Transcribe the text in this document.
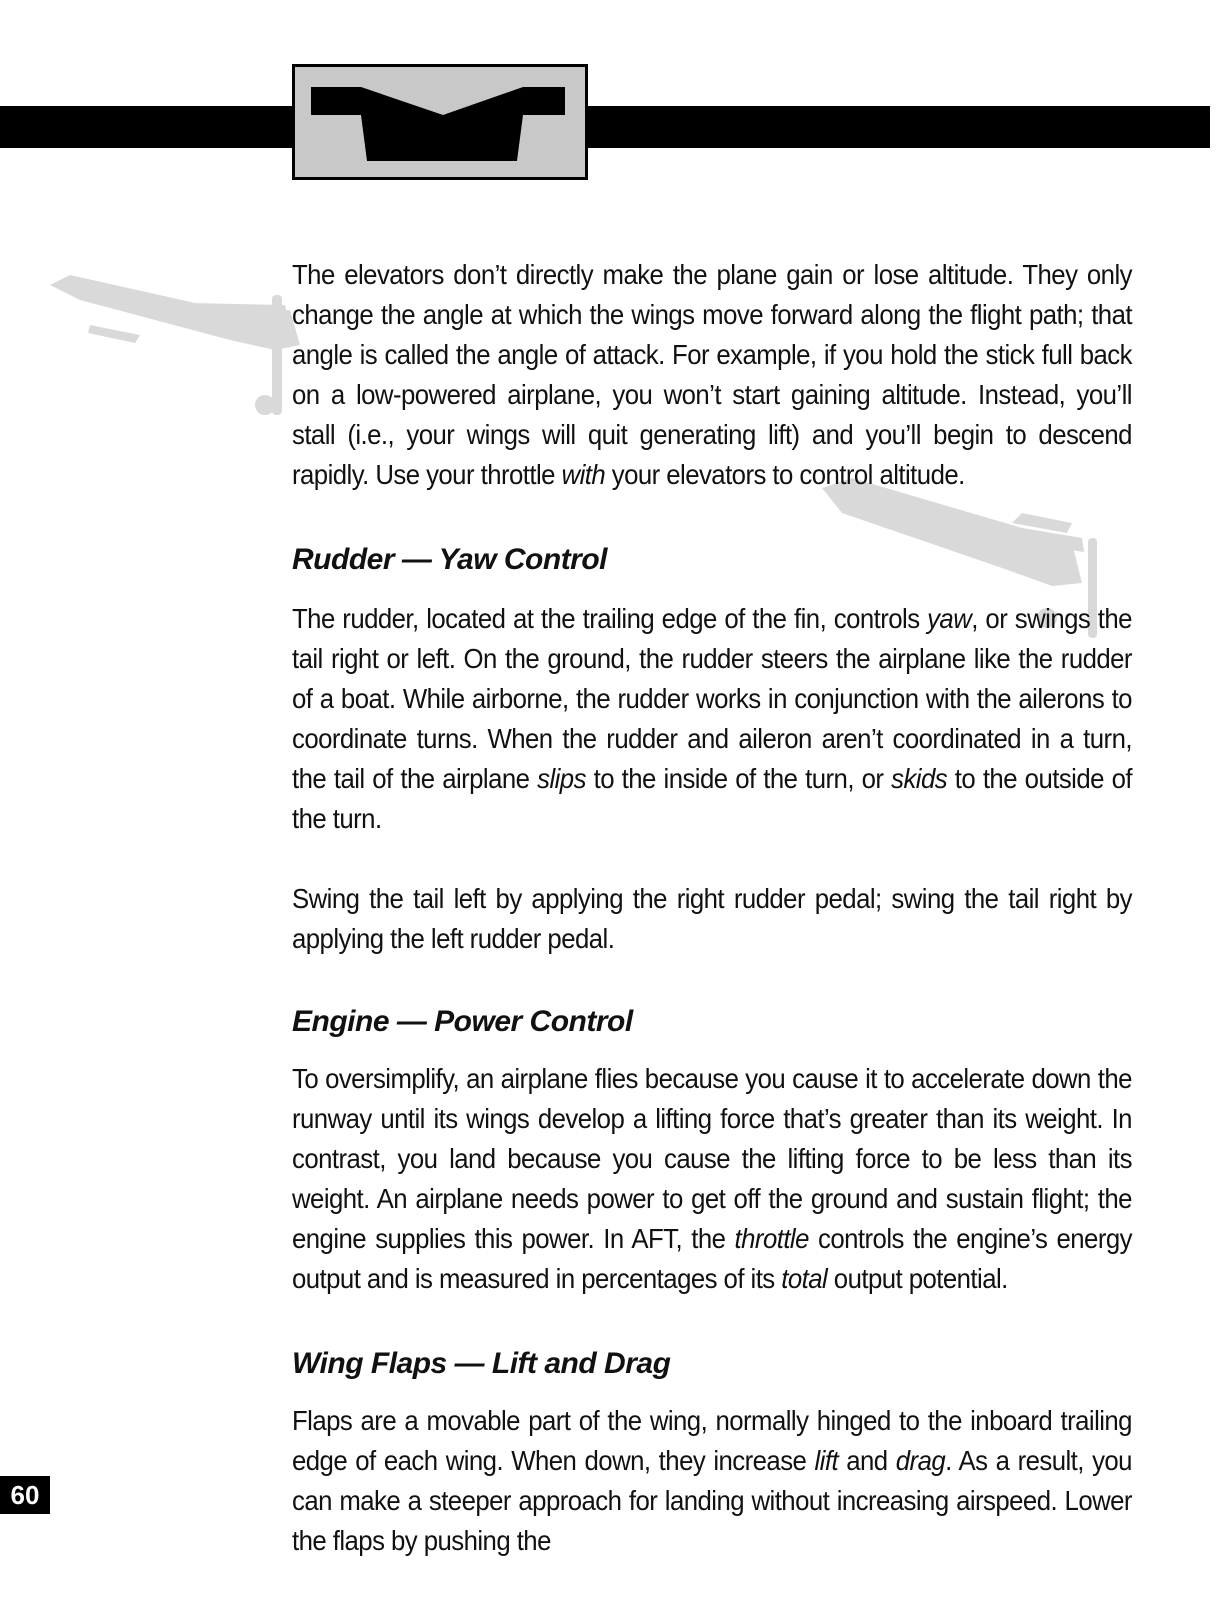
The elevators don’t directly make the plane gain or lose altitude. They only change the angle at which the wings move forward along the flight path; that angle is called the angle of attack. For example, if you hold the stick full back on a low-powered airplane, you won’t start gaining altitude. Instead, you’ll stall (i.e., your wings will quit generating lift) and you’ll begin to descend rapidly. Use your throttle with your elevators to control altitude.

Rudder — Yaw Control

The rudder, located at the trailing edge of the fin, controls yaw, or swings the tail right or left. On the ground, the rudder steers the airplane like the rudder of a boat. While airborne, the rudder works in conjunction with the ailerons to coordinate turns. When the rudder and aileron aren’t coordinated in a turn, the tail of the airplane slips to the inside of the turn, or skids to the outside of the turn.

Swing the tail left by applying the right rudder pedal; swing the tail right by applying the left rudder pedal.

Engine — Power Control

To oversimplify, an airplane flies because you cause it to accelerate down the runway until its wings develop a lifting force that’s greater than its weight. In contrast, you land because you cause the lifting force to be less than its weight. An airplane needs power to get off the ground and sustain flight; the engine supplies this power. In AFT, the throttle controls the engine’s energy output and is measured in percentages of its total output potential.

Wing Flaps — Lift and Drag

Flaps are a movable part of the wing, normally hinged to the inboard trailing edge of each wing. When down, they increase lift and drag. As a result, you can make a steeper approach for landing without increasing airspeed. Lower the flaps by pushing the

60
